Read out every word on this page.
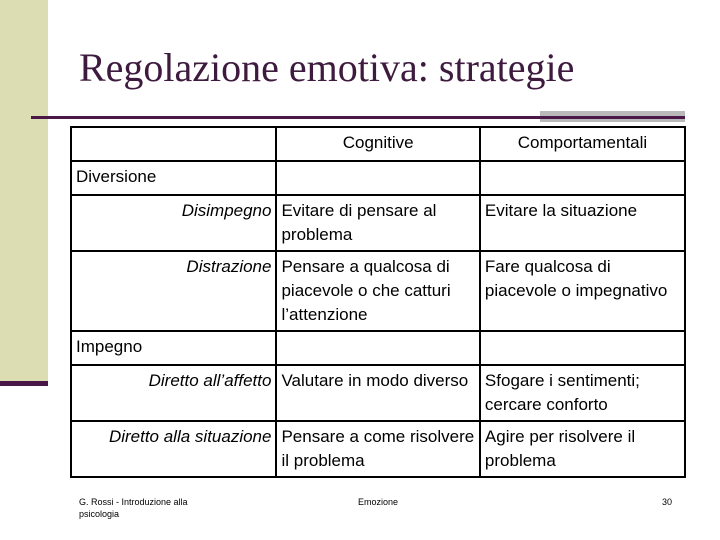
Regolazione emotiva: strategie
	Cognitive	Comportamentali
Diversione		
Disimpegno	Evitare di pensare al problema	Evitare la situazione
Distrazione	Pensare a qualcosa di piacevole o che catturi l’attenzione	Fare qualcosa di piacevole o impegnativo
Impegno		
Diretto all’affetto	Valutare in modo diverso	Sfogare i sentimenti; cercare conforto
Diretto alla situazione	Pensare a come risolvere il problema	Agire per risolvere il problema
G. Rossi - Introduzione alla psicologia
Emozione	30
